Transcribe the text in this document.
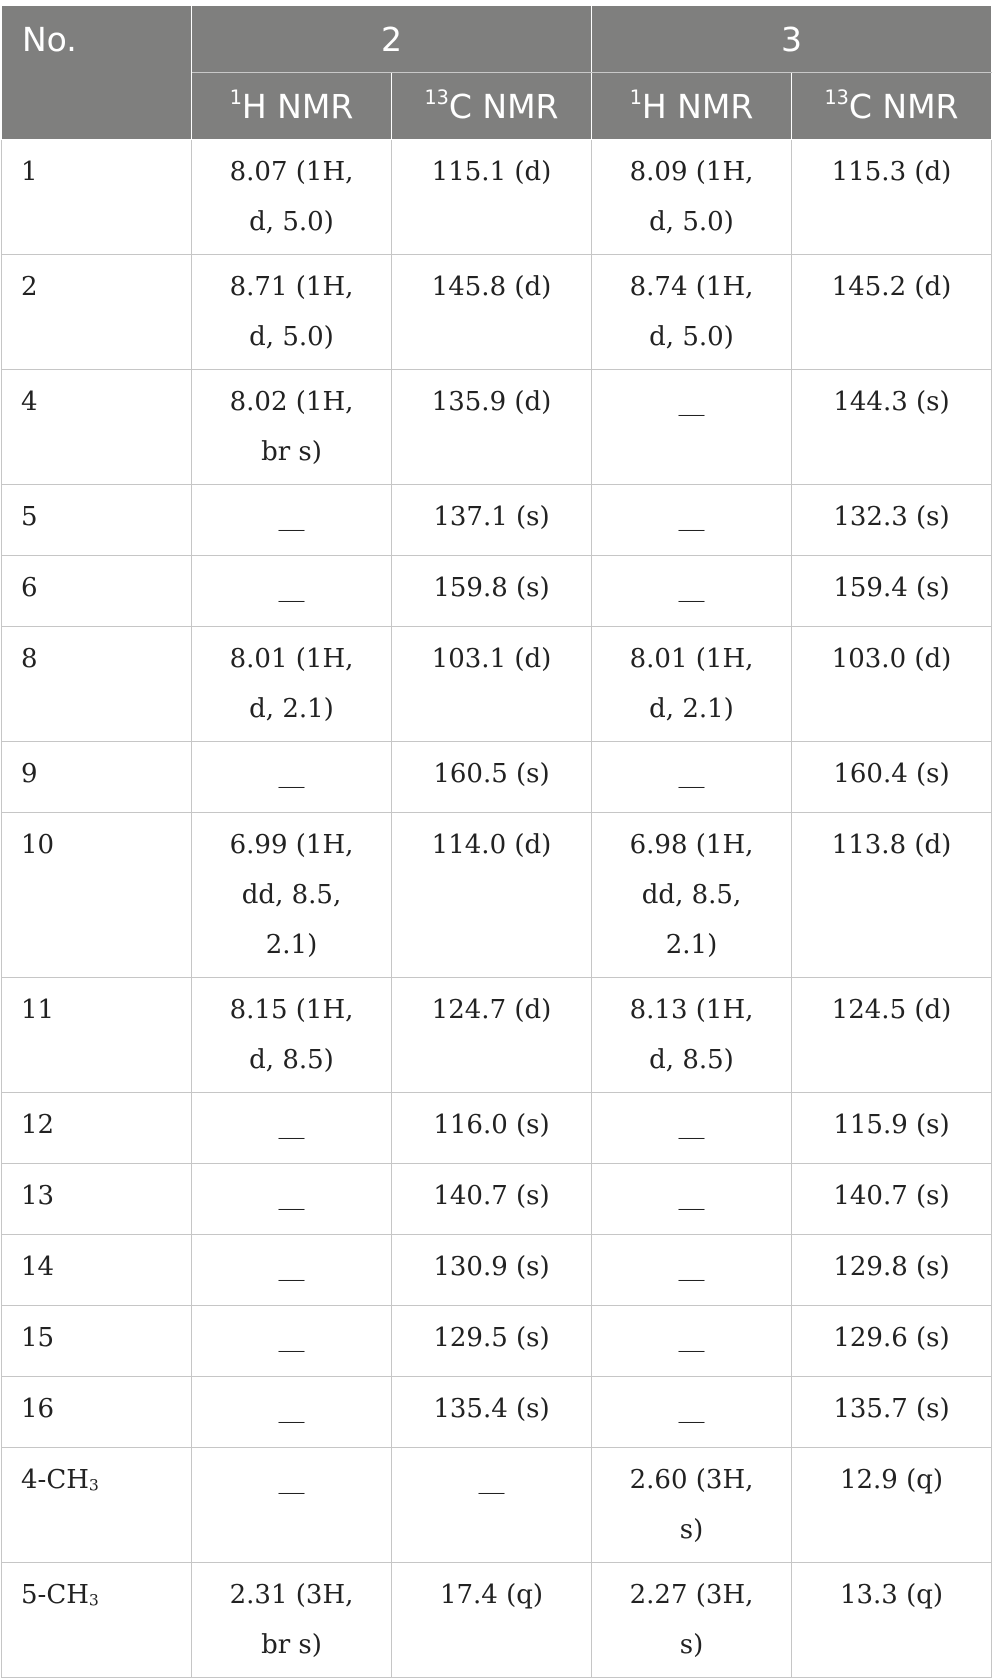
No.	2		3	
	$^1$H NMR	$^{13}$C NMR	$^1$H NMR	$^{13}$C NMR
1	8.07 (1H, d, 5.0)	115.1 (d)	8.09 (1H, d, 5.0)	115.3 (d)
2	8.71 (1H, d, 5.0)	145.8 (d)	8.74 (1H, d, 5.0)	145.2 (d)
4	8.02 (1H, br s)	135.9 (d)	__	144.3 (s)
5	__	137.1 (s)	__	132.3 (s)
6	__	159.8 (s)	__	159.4 (s)
8	8.01 (1H, d, 2.1)	103.1 (d)	8.01 (1H, d, 2.1)	103.0 (d)
9	__	160.5 (s)	__	160.4 (s)
10	6.99 (1H, dd, 8.5, 2.1)	114.0 (d)	6.98 (1H, dd, 8.5, 2.1)	113.8 (d)
11	8.15 (1H, d, 8.5)	124.7 (d)	8.13 (1H, d, 8.5)	124.5 (d)
12	__	116.0 (s)	__	115.9 (s)
13	__	140.7 (s)	__	140.7 (s)
14	__	130.9 (s)	__	129.8 (s)
15	__	129.5 (s)	__	129.6 (s)
16	__	135.4 (s)	__	135.7 (s)
$4-CH_3$	__	__	2.60 (3H, s)	12.9 (q)
$5-CH_3$	2.31 (3H, br s)	17.4 (q)	2.27 (3H, s)	13.3 (q)
